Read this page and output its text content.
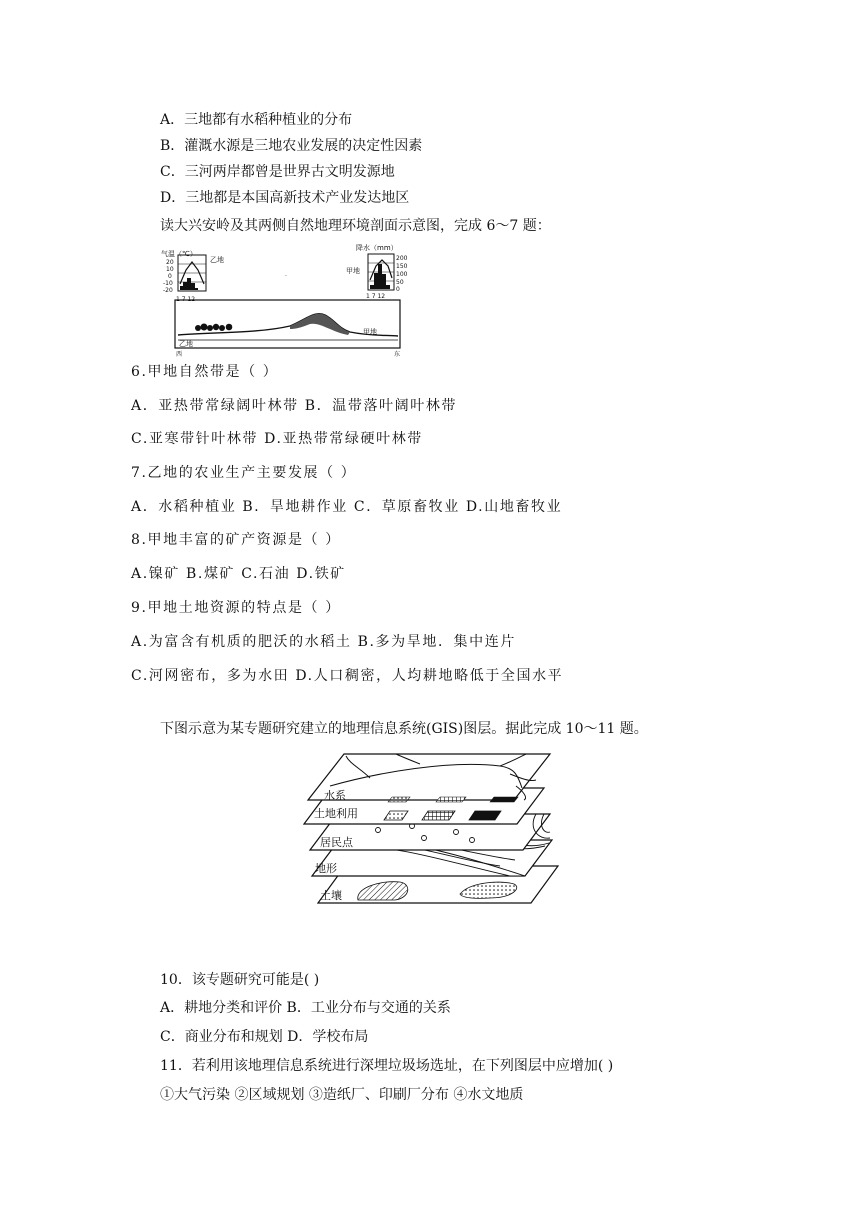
A．三地都有水稻种植业的分布
B．灌溉水源是三地农业发展的决定性因素
C．三河两岸都曾是世界古文明发源地
D．三地都是本国高新技术产业发达地区
读大兴安岭及其两侧自然地理环境剖面示意图，完成 6～7 题：
气温（℃）
20
10
0
-10
-20
乙地
1 7 12
·
降水（mm）
200
150
100
50
0
甲地
1 7 12
乙地
甲地
西	东
6.甲地自然带是（ ）
A．亚热带常绿阔叶林带 B．温带落叶阔叶林带
C.亚寒带针叶林带 D.亚热带常绿硬叶林带
7.乙地的农业生产主要发展（ ）
A．水稻种植业 B．旱地耕作业 C．草原畜牧业 D.山地畜牧业
8.甲地丰富的矿产资源是（ ）
A.镍矿 B.煤矿 C.石油 D.铁矿
9.甲地土地资源的特点是（ ）
A.为富含有机质的肥沃的水稻土 B.多为旱地．集中连片
C.河网密布，多为水田 D.人口稠密，人均耕地略低于全国水平
下图示意为某专题研究建立的地理信息系统(GIS)图层。据此完成 10～11 题。
土壤
地形
居民点
土地利用
水系
10．该专题研究可能是( )
A．耕地分类和评价 B．工业分布与交通的关系
C．商业分布和规划 D．学校布局
11．若利用该地理信息系统进行深埋垃圾场选址，在下列图层中应增加( )
①大气污染 ②区域规划 ③造纸厂、印刷厂分布 ④水文地质
